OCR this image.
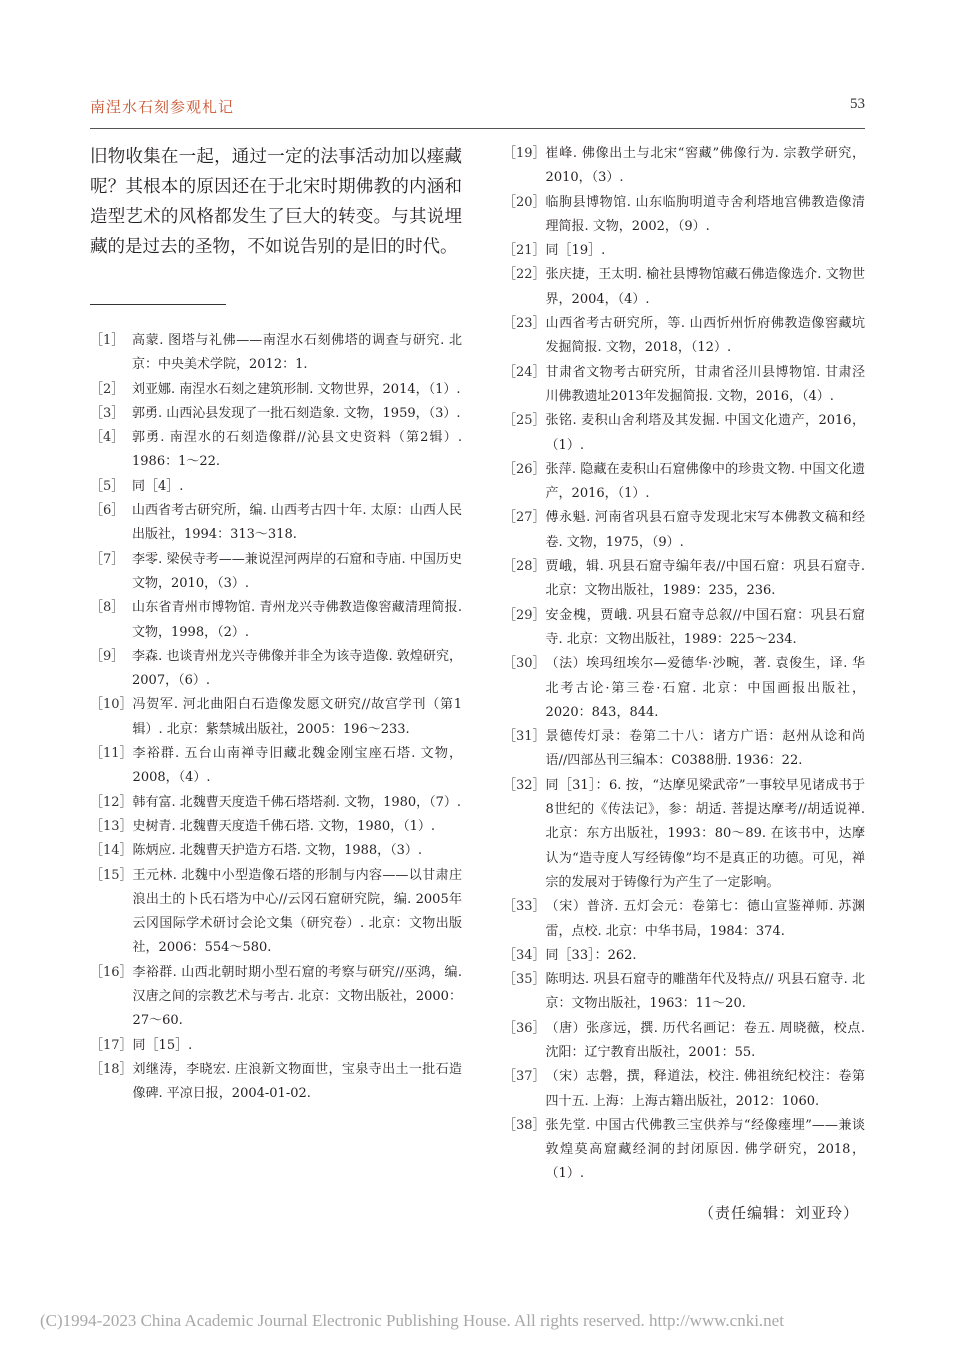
南涅水石刻参观札记	53

旧物收集在一起，通过一定的法事活动加以瘗藏呢？其根本的原因还在于北宋时期佛教的内涵和造型艺术的风格都发生了巨大的转变。与其说埋藏的是过去的圣物，不如说告别的是旧的时代。

［1］ 高蒙. 图塔与礼佛——南涅水石刻佛塔的调查与研究. 北京：中央美术学院，2012：1.
［2］ 刘亚娜. 南涅水石刻之建筑形制. 文物世界，2014，（1）.
［3］ 郭勇. 山西沁县发现了一批石刻造象. 文物，1959，（3）.
［4］ 郭勇. 南涅水的石刻造像群//沁县文史资料（第2辑）. 1986：1～22.
［5］ 同［4］.
［6］ 山西省考古研究所，编. 山西考古四十年. 太原：山西人民出版社，1994：313～318.
［7］ 李零. 梁侯寺考——兼说涅河两岸的石窟和寺庙. 中国历史文物，2010，（3）.
［8］ 山东省青州市博物馆. 青州龙兴寺佛教造像窖藏清理简报. 文物，1998，（2）.
［9］ 李森. 也谈青州龙兴寺佛像并非全为该寺造像. 敦煌研究，2007，（6）.
［10］ 冯贺军. 河北曲阳白石造像发愿文研究//故宫学刊（第1辑）. 北京：紫禁城出版社，2005：196～233.
［11］ 李裕群. 五台山南禅寺旧藏北魏金刚宝座石塔. 文物，2008，（4）.
［12］ 韩有富. 北魏曹天度造千佛石塔塔刹. 文物，1980，（7）.
［13］ 史树青. 北魏曹天度造千佛石塔. 文物，1980，（1）.
［14］ 陈炳应. 北魏曹天护造方石塔. 文物，1988，（3）.
［15］ 王元林. 北魏中小型造像石塔的形制与内容——以甘肃庄浪出土的卜氏石塔为中心//云冈石窟研究院，编. 2005年云冈国际学术研讨会论文集（研究卷）. 北京：文物出版社，2006：554～580.
［16］ 李裕群. 山西北朝时期小型石窟的考察与研究//巫鸿，编. 汉唐之间的宗教艺术与考古. 北京：文物出版社，2000：27～60.
［17］ 同［15］.
［18］ 刘继涛，李晓宏. 庄浪新文物面世，宝泉寺出土一批石造像碑. 平凉日报，2004-01-02.
［19］ 崔峰. 佛像出土与北宋“窖藏”佛像行为. 宗教学研究，2010，（3）.
［20］ 临朐县博物馆. 山东临朐明道寺舍利塔地宫佛教造像清理简报. 文物，2002，（9）.
［21］ 同［19］.
［22］ 张庆捷，王太明. 榆社县博物馆藏石佛造像选介. 文物世界，2004，（4）.
［23］ 山西省考古研究所，等. 山西忻州忻府佛教造像窖藏坑发掘简报. 文物，2018，（12）.
［24］ 甘肃省文物考古研究所，甘肃省泾川县博物馆. 甘肃泾川佛教遗址2013年发掘简报. 文物，2016，（4）.
［25］ 张铭. 麦积山舍利塔及其发掘. 中国文化遗产，2016，（1）.
［26］ 张萍. 隐藏在麦积山石窟佛像中的珍贵文物. 中国文化遗产，2016，（1）.
［27］ 傅永魁. 河南省巩县石窟寺发现北宋写本佛教文稿和经卷. 文物，1975，（9）.
［28］ 贾峨，辑. 巩县石窟寺编年表//中国石窟：巩县石窟寺. 北京：文物出版社，1989：235，236.
［29］ 安金槐，贾峨. 巩县石窟寺总叙//中国石窟：巩县石窟寺. 北京：文物出版社，1989：225～234.
［30］ （法）埃玛纽埃尔—爱德华·沙畹，著. 袁俊生，译. 华北考古论·第三卷·石窟. 北京：中国画报出版社，2020：843，844.
［31］ 景德传灯录：卷第二十八：诸方广语：赵州从谂和尚语//四部丛刊三编本：C0388册. 1936：22.
［32］ 同［31］：6. 按，“达摩见梁武帝”一事较早见诸成书于8世纪的《传法记》，参：胡适. 菩提达摩考//胡适说禅. 北京：东方出版社，1993：80～89. 在该书中，达摩认为“造寺度人写经铸像”均不是真正的功德。可见，禅宗的发展对于铸像行为产生了一定影响。
［33］ （宋）普济. 五灯会元：卷第七：德山宣鉴禅师. 苏渊雷，点校. 北京：中华书局，1984：374.
［34］ 同［33］：262.
［35］ 陈明达. 巩县石窟寺的雕凿年代及特点// 巩县石窟寺. 北京：文物出版社，1963：11～20.
［36］ （唐）张彦远，撰. 历代名画记：卷五. 周晓薇，校点. 沈阳：辽宁教育出版社，2001：55.
［37］ （宋）志磐，撰，释道法，校注. 佛祖统纪校注：卷第四十五. 上海：上海古籍出版社，2012：1060.
［38］ 张先堂. 中国古代佛教三宝供养与“经像瘗埋”——兼谈敦煌莫高窟藏经洞的封闭原因. 佛学研究，2018，（1）.
（责任编辑：刘亚玲）
(C)1994-2023 China Academic Journal Electronic Publishing House. All rights reserved. http://www.cnki.net
